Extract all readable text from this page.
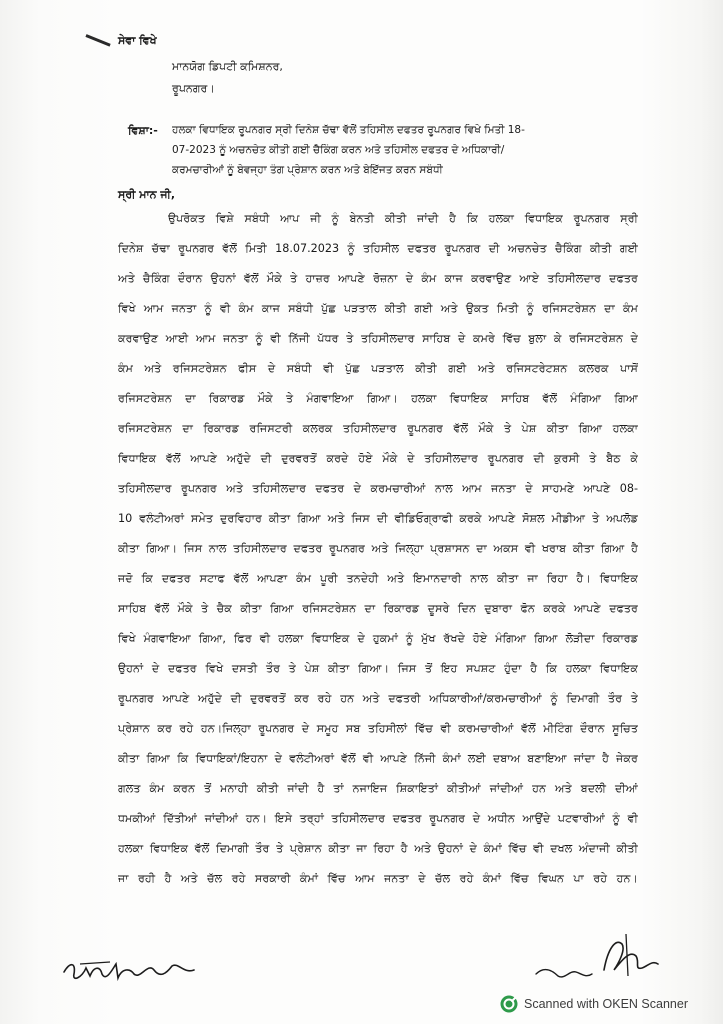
ਸੇਵਾ ਵਿਖੇ
ਮਾਨਯੋਗ ਡਿਪਟੀ ਕਮਿਸ਼ਨਰ,
ਰੂਪਨਗਰ।
ਵਿਸ਼ਾ:- ਹਲਕਾ ਵਿਧਾਇਕ ਰੂਪਨਗਰ ਸ੍ਰੀ ਦਿਨੇਸ਼ ਚੱਢਾ ਵੱਲੋਂ ਤਹਿਸੀਲ ਦਫਤਰ ਰੂਪਨਗਰ ਵਿਖੇ ਮਿਤੀ 18-
07-2023 ਨੂੰ ਅਚਨਚੇਤ ਕੀਤੀ ਗਈ ਚੈਕਿੰਗ ਕਰਨ ਅਤੇ ਤਹਿਸੀਲ ਦਫਤਰ ਦੇ ਅਧਿਕਾਰੀ/
ਕਰਮਚਾਰੀਆਂ ਨੂੰ ਬੇਵਜ੍ਹਾ ਤੰਗ ਪ੍ਰੇਸ਼ਾਨ ਕਰਨ ਅਤੇ ਬੇਇੱਜਤ ਕਰਨ ਸਬੰਧੀ
ਸ੍ਰੀ ਮਾਨ ਜੀ,
ਉਪਰੋਕਤ ਵਿਸ਼ੇ ਸਬੰਧੀ ਆਪ ਜੀ ਨੂੰ ਬੇਨਤੀ ਕੀਤੀ ਜਾਂਦੀ ਹੈ ਕਿ ਹਲਕਾ ਵਿਧਾਇਕ ਰੂਪਨਗਰ ਸ੍ਰੀ
ਦਿਨੇਸ਼ ਚੱਢਾ ਰੂਪਨਗਰ ਵੱਲੋਂ ਮਿਤੀ 18.07.2023 ਨੂੰ ਤਹਿਸੀਲ ਦਫਤਰ ਰੂਪਨਗਰ ਦੀ ਅਚਨਚੇਤ ਚੈਕਿੰਗ ਕੀਤੀ ਗਈ
ਅਤੇ ਚੈਕਿੰਗ ਦੌਰਾਨ ਉਹਨਾਂ ਵੱਲੋਂ ਮੌਕੇ ਤੇ ਹਾਜ਼ਰ ਆਪਣੇ ਰੋਜ਼ਨਾ ਦੇ ਕੰਮ ਕਾਜ ਕਰਵਾਉਣ ਆਏ ਤਹਿਸੀਲਦਾਰ ਦਫਤਰ
ਵਿਖੇ ਆਮ ਜਨਤਾ ਨੂੰ ਵੀ ਕੰਮ ਕਾਜ ਸਬੰਧੀ ਪੁੱਛ ਪੜਤਾਲ ਕੀਤੀ ਗਈ ਅਤੇ ਉਕਤ ਮਿਤੀ ਨੂੰ ਰਜਿਸਟਰੇਸ਼ਨ ਦਾ ਕੰਮ
ਕਰਵਾਉਣ ਆਈ ਆਮ ਜਨਤਾ ਨੂੰ ਵੀ ਨਿੱਜੀ ਪੱਧਰ ਤੇ ਤਹਿਸੀਲਦਾਰ ਸਾਹਿਬ ਦੇ ਕਮਰੇ ਵਿੱਚ ਬੁਲਾ ਕੇ ਰਜਿਸਟਰੇਸ਼ਨ ਦੇ
ਕੰਮ ਅਤੇ ਰਜਿਸਟਰੇਸ਼ਨ ਫੀਸ ਦੇ ਸਬੰਧੀ ਵੀ ਪੁੱਛ ਪੜਤਾਲ ਕੀਤੀ ਗਈ ਅਤੇ ਰਜਿਸਟਰੇਟਸ਼ਨ ਕਲਰਕ ਪਾਸੋਂ
ਰਜਿਸਟਰੇਸ਼ਨ ਦਾ ਰਿਕਾਰਡ ਮੌਕੇ ਤੇ ਮੰਗਵਾਇਆ ਗਿਆ। ਹਲਕਾ ਵਿਧਾਇਕ ਸਾਹਿਬ ਵੱਲੋਂ ਮੰਗਿਆ ਗਿਆ
ਰਜਿਸਟਰੇਸ਼ਨ ਦਾ ਰਿਕਾਰਡ ਰਜਿਸਟਰੀ ਕਲਰਕ ਤਹਿਸੀਲਦਾਰ ਰੂਪਨਗਰ ਵੱਲੋਂ ਮੌਕੇ ਤੇ ਪੇਸ਼ ਕੀਤਾ ਗਿਆ ਹਲਕਾ
ਵਿਧਾਇਕ ਵੱਲੋਂ ਆਪਣੇ ਅਹੁੱਦੇ ਦੀ ਦੁਰਵਰਤੋਂ ਕਰਦੇ ਹੋਏ ਮੌਕੇ ਦੇ ਤਹਿਸੀਲਦਾਰ ਰੂਪਨਗਰ ਦੀ ਕੁਰਸੀ ਤੇ ਬੈਠ ਕੇ
ਤਹਿਸੀਲਦਾਰ ਰੂਪਨਗਰ ਅਤੇ ਤਹਿਸੀਲਦਾਰ ਦਫਤਰ ਦੇ ਕਰਮਚਾਰੀਆਂ ਨਾਲ ਆਮ ਜਨਤਾ ਦੇ ਸਾਹਮਣੇ ਆਪਣੇ 08-
10 ਵਲੰਟੀਅਰਾਂ ਸਮੇਤ ਦੁਰਵਿਹਾਰ ਕੀਤਾ ਗਿਆ ਅਤੇ ਜਿਸ ਦੀ ਵੀਡਿਓਗ੍ਰਾਫੀ ਕਰਕੇ ਆਪਣੇ ਸੋਸ਼ਲ ਮੀਡੀਆ ਤੇ ਅਪਲੋਡ
ਕੀਤਾ ਗਿਆ। ਜਿਸ ਨਾਲ ਤਹਿਸੀਲਦਾਰ ਦਫਤਰ ਰੂਪਨਗਰ ਅਤੇ ਜਿਲ੍ਹਾ ਪ੍ਰਸ਼ਾਸਨ ਦਾ ਅਕਸ ਵੀ ਖਰਾਬ ਕੀਤਾ ਗਿਆ ਹੈ
ਜਦੋ ਕਿ ਦਫਤਰ ਸਟਾਫ ਵੱਲੋਂ ਆਪਣਾ ਕੰਮ ਪੂਰੀ ਤਨਦੇਹੀ ਅਤੇ ਇਮਾਨਦਾਰੀ ਨਾਲ ਕੀਤਾ ਜਾ ਰਿਹਾ ਹੈ। ਵਿਧਾਇਕ
ਸਾਹਿਬ ਵੱਲੋਂ ਮੌਕੇ ਤੇ ਚੈਕ ਕੀਤਾ ਗਿਆ ਰਜਿਸਟਰੇਸ਼ਨ ਦਾ ਰਿਕਾਰਡ ਦੂਸਰੇ ਦਿਨ ਦੁਬਾਰਾ ਫੋਨ ਕਰਕੇ ਆਪਣੇ ਦਫਤਰ
ਵਿਖੇ ਮੰਗਵਾਇਆ ਗਿਆ, ਫਿਰ ਵੀ ਹਲਕਾ ਵਿਧਾਇਕ ਦੇ ਹੁਕਮਾਂ ਨੂੰ ਮੁੱਖ ਰੱਖਦੇ ਹੋਏ ਮੰਗਿਆ ਗਿਆ ਲੋੜੀਦਾ ਰਿਕਾਰਡ
ਉਹਨਾਂ ਦੇ ਦਫਤਰ ਵਿਖੇ ਦਸਤੀ ਤੌਰ ਤੇ ਪੇਸ਼ ਕੀਤਾ ਗਿਆ। ਜਿਸ ਤੋਂ ਇਹ ਸਪਸ਼ਟ ਹੁੰਦਾ ਹੈ ਕਿ ਹਲਕਾ ਵਿਧਾਇਕ
ਰੂਪਨਗਰ ਆਪਣੇ ਅਹੁੱਦੇ ਦੀ ਦੁਰਵਰਤੋਂ ਕਰ ਰਹੇ ਹਨ ਅਤੇ ਦਫਤਰੀ ਅਧਿਕਾਰੀਆਂ/ਕਰਮਚਾਰੀਆਂ ਨੂੰ ਦਿਮਾਗੀ ਤੌਰ ਤੇ
ਪ੍ਰੇਸ਼ਾਨ ਕਰ ਰਹੇ ਹਨ।ਜਿਲ੍ਹਾ ਰੂਪਨਗਰ ਦੇ ਸਮੂਹ ਸਬ ਤਹਿਸੀਲਾਂ ਵਿੱਚ ਵੀ ਕਰਮਚਾਰੀਆਂ ਵੱਲੋਂ ਮੀਟਿੰਗ ਦੌਰਾਨ ਸੂਚਿਤ
ਕੀਤਾ ਗਿਆ ਕਿ ਵਿਧਾਇਕਾਂ/ਇਹਨਾ ਦੇ ਵਲੰਟੀਅਰਾਂ ਵੱਲੋਂ ਵੀ ਆਪਣੇ ਨਿੱਜੀ ਕੰਮਾਂ ਲਈ ਦਬਾਅ ਬਣਾਇਆ ਜਾਂਦਾ ਹੈ ਜੇਕਰ
ਗਲਤ ਕੰਮ ਕਰਨ ਤੋਂ ਮਨਾਹੀ ਕੀਤੀ ਜਾਂਦੀ ਹੈ ਤਾਂ ਨਜਾਇਜ ਸ਼ਿਕਾਇਤਾਂ ਕੀਤੀਆਂ ਜਾਂਦੀਆਂ ਹਨ ਅਤੇ ਬਦਲੀ ਦੀਆਂ
ਧਮਕੀਆਂ ਦਿੱਤੀਆਂ ਜਾਂਦੀਆਂ ਹਨ। ਇਸੇ ਤਰ੍ਹਾਂ ਤਹਿਸੀਲਦਾਰ ਦਫਤਰ ਰੂਪਨਗਰ ਦੇ ਅਧੀਨ ਆਉਂਦੇ ਪਟਵਾਰੀਆਂ ਨੂੰ ਵੀ
ਹਲਕਾ ਵਿਧਾਇਕ ਵੱਲੋਂ ਦਿਮਾਗੀ ਤੌਰ ਤੇ ਪ੍ਰੇਸ਼ਾਨ ਕੀਤਾ ਜਾ ਰਿਹਾ ਹੈ ਅਤੇ ਉਹਨਾਂ ਦੇ ਕੰਮਾਂ ਵਿੱਚ ਵੀ ਦਖਲ ਅੰਦਾਜੀ ਕੀਤੀ
ਜਾ ਰਹੀ ਹੈ ਅਤੇ ਚੱਲ ਰਹੇ ਸਰਕਾਰੀ ਕੰਮਾਂ ਵਿੱਚ ਆਮ ਜਨਤਾ ਦੇ ਚੱਲ ਰਹੇ ਕੰਮਾਂ ਵਿੱਚ ਵਿਘਨ ਪਾ ਰਹੇ ਹਨ।
Scanned with OKEN Scanner
